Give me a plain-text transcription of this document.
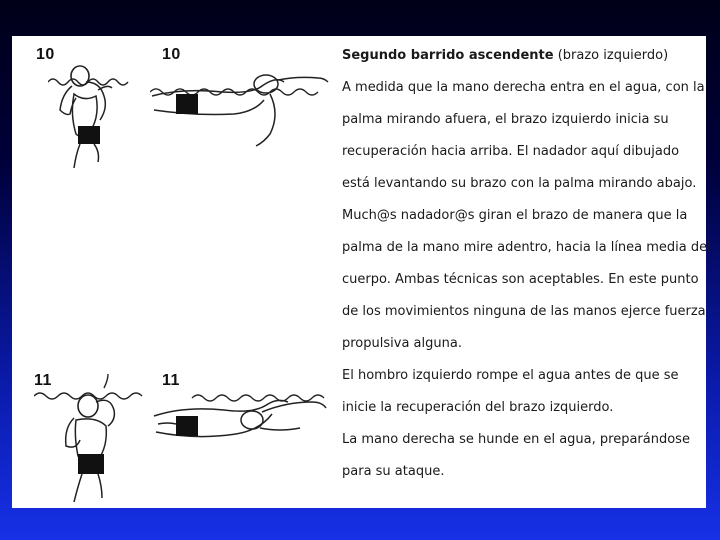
10	10
11	11
Segundo barrido ascendente (brazo izquierdo)
A medida que la mano derecha entra en el agua, con la
palma mirando afuera, el brazo izquierdo inicia su
recuperación hacia arriba. El nadador aquí dibujado
está levantando su brazo con la palma mirando abajo.
Much@s nadador@s giran el brazo de manera que la
palma de la mano mire adentro, hacia la línea media del
cuerpo. Ambas técnicas son aceptables. En este punto
de los movimientos ninguna de las manos ejerce fuerza
propulsiva alguna.
El hombro izquierdo rompe el agua antes de que se
inicie la recuperación del brazo izquierdo.
La mano derecha se hunde en el agua, preparándose
para su ataque.
